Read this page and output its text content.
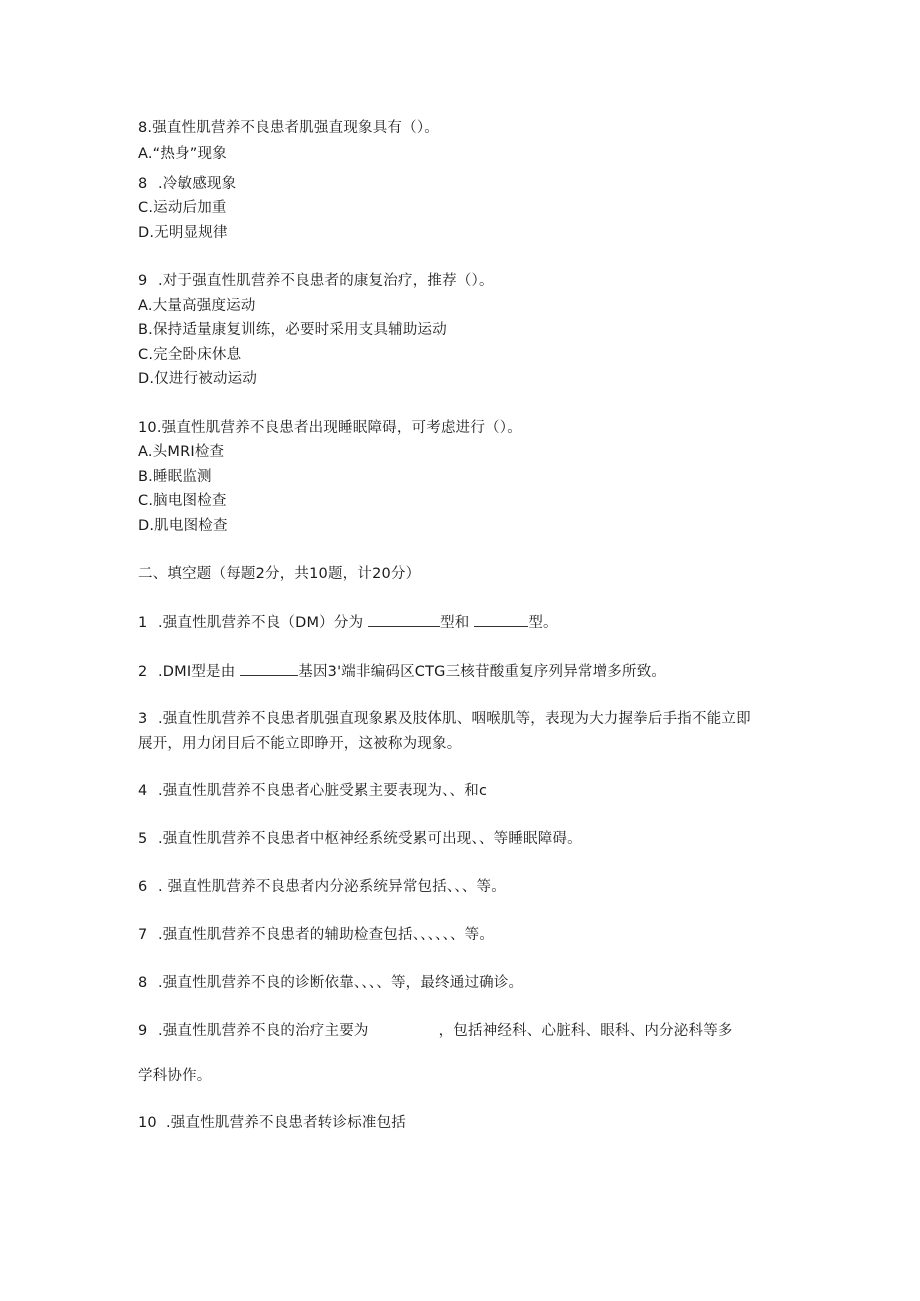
8.强直性肌营养不良患者肌强直现象具有（）。
A.“热身”现象
8 .冷敏感现象
C.运动后加重
D.无明显规律
9 .对于强直性肌营养不良患者的康复治疗，推荐（）。
A.大量高强度运动
B.保持适量康复训练，必要时采用支具辅助运动
C.完全卧床休息
D.仅进行被动运动
10.强直性肌营养不良患者出现睡眠障碍，可考虑进行（）。
A.头MRI检查
B.睡眠监测
C.脑电图检查
D.肌电图检查
二、填空题（每题2分，共10题，计20分）
1 .强直性肌营养不良（DM）分为	型和	型。
2 .DMI型是由	基因3'端非编码区CTG三核苷酸重复序列异常增多所致。
3 .强直性肌营养不良患者肌强直现象累及肢体肌、咽喉肌等，表现为大力握拳后手指不能立即
展开，用力闭目后不能立即睁开，这被称为现象。
4 .强直性肌营养不良患者心脏受累主要表现为、、和c
5 .强直性肌营养不良患者中枢神经系统受累可出现、、等睡眠障碍。
6 . 强直性肌营养不良患者内分泌系统异常包括、、、等。
7 .强直性肌营养不良患者的辅助检查包括、、、、、、等。
8 .强直性肌营养不良的诊断依靠、、、、等，最终通过确诊。
9 .强直性肌营养不良的治疗主要为	，包括神经科、心脏科、眼科、内分泌科等多
学科协作。
10 .强直性肌营养不良患者转诊标准包括
